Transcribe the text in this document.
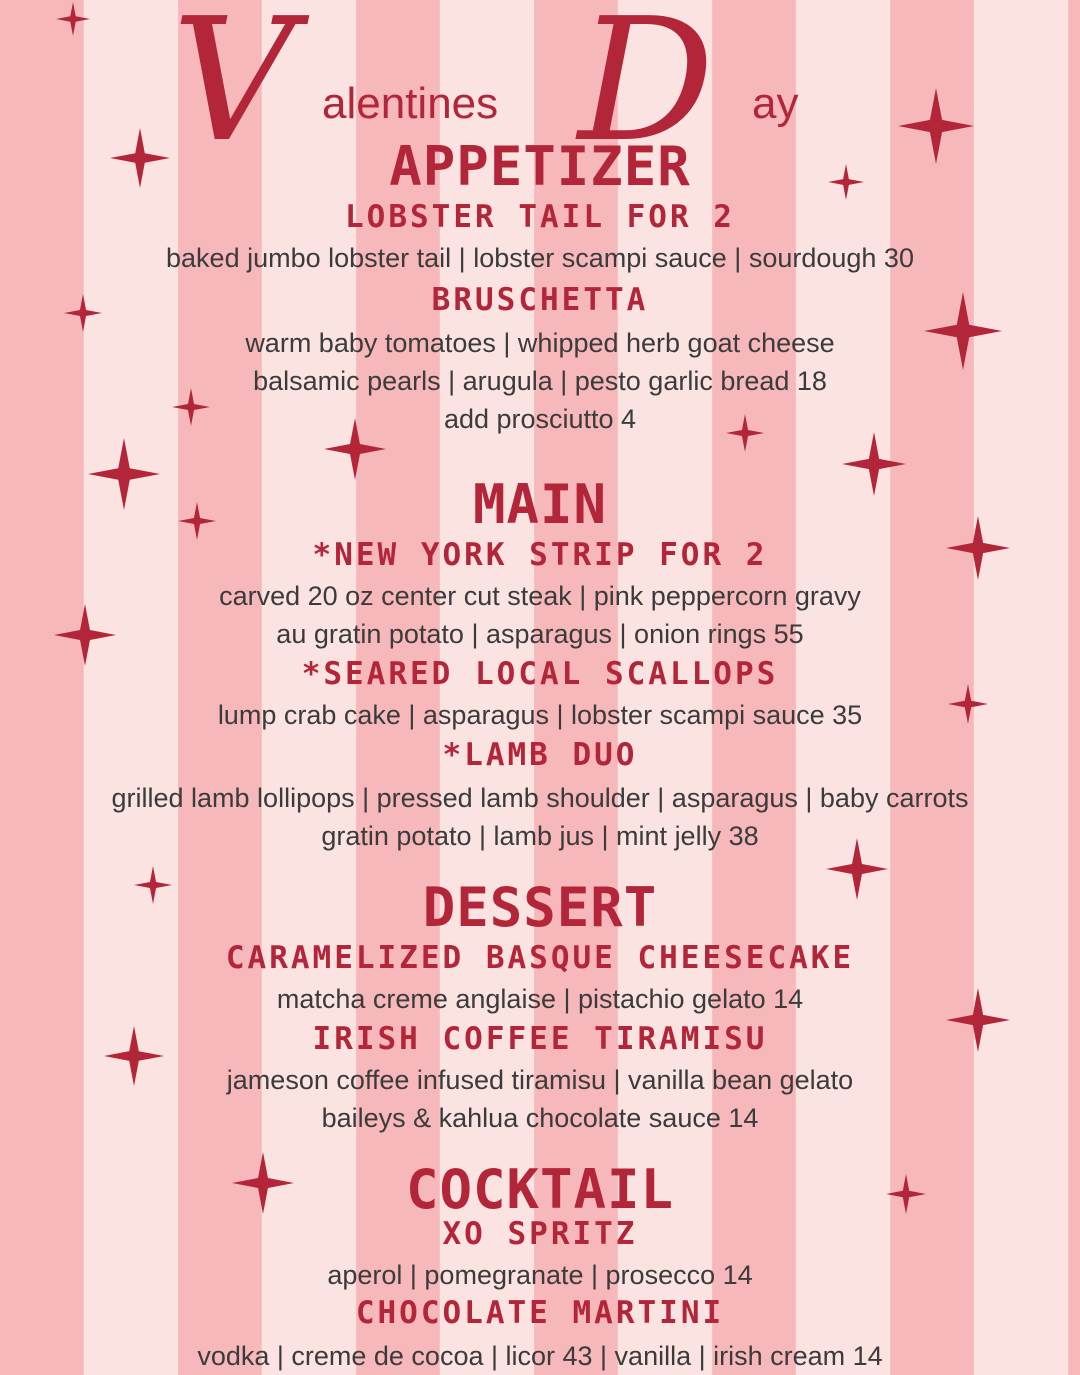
V alentines D ay
APPETIZER
LOBSTER TAIL FOR 2

baked jumbo lobster tail | lobster scampi sauce | sourdough 30

BRUSCHETTA

warm baby tomatoes | whipped herb goat cheese

balsamic pearls | arugula | pesto garlic bread 18

add prosciutto 4

MAIN
*NEW YORK STRIP FOR 2

carved 20 oz center cut steak | pink peppercorn gravy

au gratin potato | asparagus | onion rings 55

*SEARED LOCAL SCALLOPS

lump crab cake | asparagus | lobster scampi sauce 35

*LAMB DUO

grilled lamb lollipops | pressed lamb shoulder | asparagus | baby carrots

gratin potato | lamb jus | mint jelly 38

DESSERT
CARAMELIZED BASQUE CHEESECAKE

matcha creme anglaise | pistachio gelato 14

IRISH COFFEE TIRAMISU

jameson coffee infused tiramisu | vanilla bean gelato

baileys & kahlua chocolate sauce 14

COCKTAIL
XO SPRITZ

aperol | pomegranate | prosecco 14

CHOCOLATE MARTINI

vodka | creme de cocoa | licor 43 | vanilla | irish cream 14
